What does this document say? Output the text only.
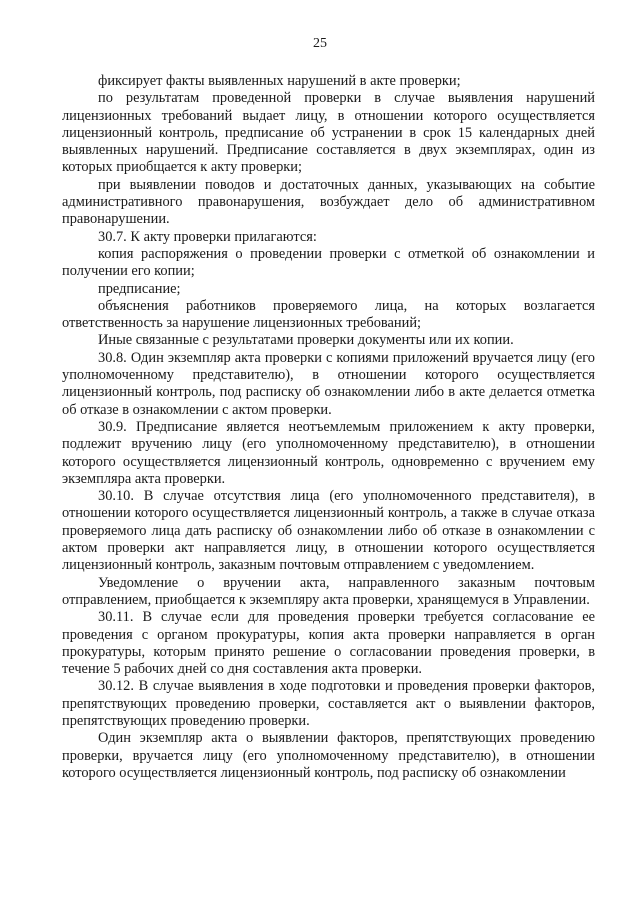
25

фиксирует факты выявленных нарушений в акте проверки;

по результатам проведенной проверки в случае выявления нарушений лицензионных требований выдает лицу, в отношении которого осуществляется лицензионный контроль, предписание об устранении в срок 15 календарных дней выявленных нарушений. Предписание составляется в двух экземплярах, один из которых приобщается к акту проверки;

при выявлении поводов и достаточных данных, указывающих на событие административного правонарушения, возбуждает дело об административном правонарушении.

30.7. К акту проверки прилагаются:

копия распоряжения о проведении проверки с отметкой об ознакомлении и получении его копии;

предписание;

объяснения работников проверяемого лица, на которых возлагается ответственность за нарушение лицензионных требований;

Иные связанные с результатами проверки документы или их копии.

30.8. Один экземпляр акта проверки с копиями приложений вручается лицу (его уполномоченному представителю), в отношении которого осуществляется лицензионный контроль, под расписку об ознакомлении либо в акте делается отметка об отказе в ознакомлении с актом проверки.

30.9. Предписание является неотъемлемым приложением к акту проверки, подлежит вручению лицу (его уполномоченному представителю), в отношении которого осуществляется лицензионный контроль, одновременно с вручением ему экземпляра акта проверки.

30.10. В случае отсутствия лица (его уполномоченного представителя), в отношении которого осуществляется лицензионный контроль, а также в случае отказа проверяемого лица дать расписку об ознакомлении либо об отказе в ознакомлении с актом проверки акт направляется лицу, в отношении которого осуществляется лицензионный контроль, заказным почтовым отправлением с уведомлением.

Уведомление о вручении акта, направленного заказным почтовым отправлением, приобщается к экземпляру акта проверки, хранящемуся в Управлении.

30.11. В случае если для проведения проверки требуется согласование ее проведения с органом прокуратуры, копия акта проверки направляется в орган прокуратуры, которым принято решение о согласовании проведения проверки, в течение 5 рабочих дней со дня составления акта проверки.

30.12. В случае выявления в ходе подготовки и проведения проверки факторов, препятствующих проведению проверки, составляется акт о выявлении факторов, препятствующих проведению проверки.

Один экземпляр акта о выявлении факторов, препятствующих проведению проверки, вручается лицу (его уполномоченному представителю), в отношении которого осуществляется лицензионный контроль, под расписку об ознакомлении
